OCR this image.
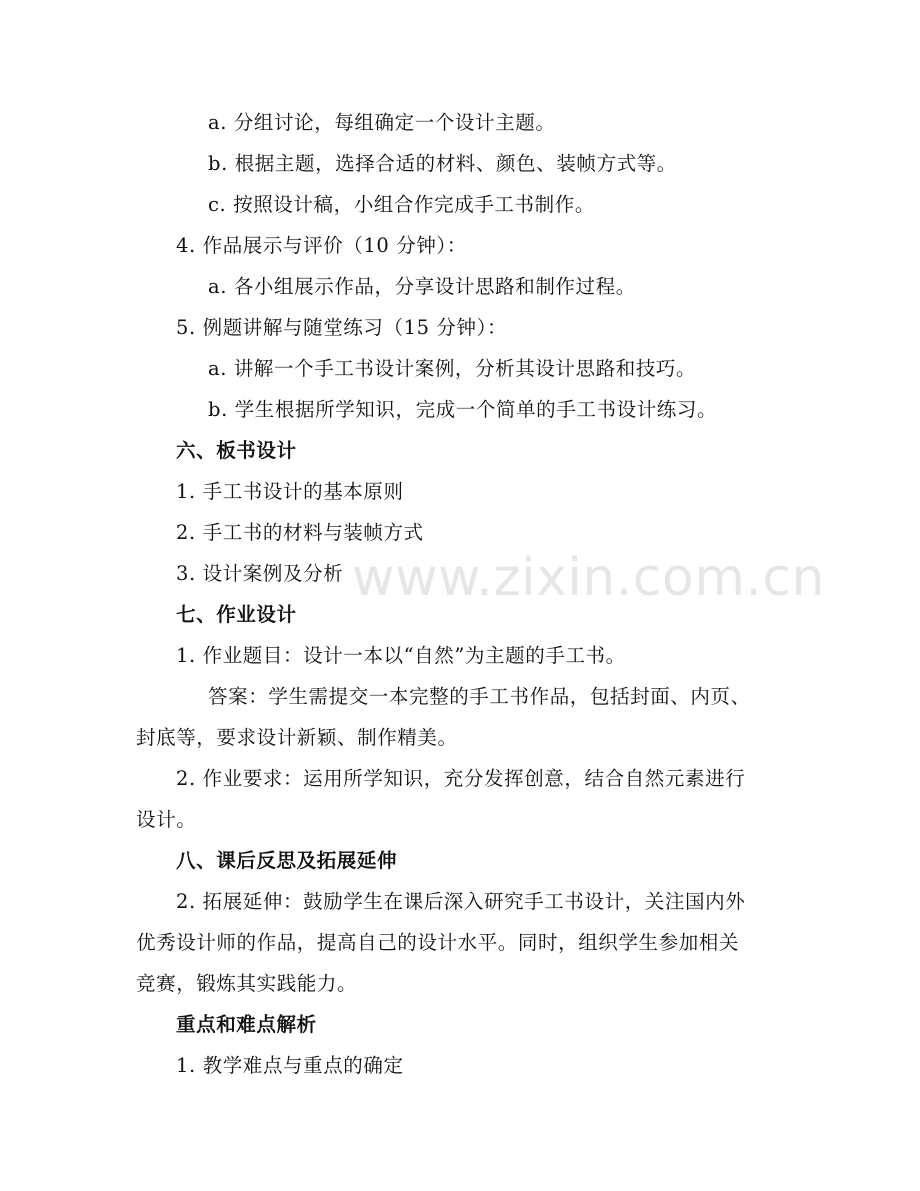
www.zixin.com.cn
a. 分组讨论，每组确定一个设计主题。
b. 根据主题，选择合适的材料、颜色、装帧方式等。
c. 按照设计稿，小组合作完成手工书制作。
4. 作品展示与评价（10 分钟）：
a. 各小组展示作品，分享设计思路和制作过程。
5. 例题讲解与随堂练习（15 分钟）：
a. 讲解一个手工书设计案例，分析其设计思路和技巧。
b. 学生根据所学知识，完成一个简单的手工书设计练习。
六、板书设计
1. 手工书设计的基本原则
2. 手工书的材料与装帧方式
3. 设计案例及分析
七、作业设计
1. 作业题目：设计一本以“自然”为主题的手工书。
答案：学生需提交一本完整的手工书作品，包括封面、内页、
封底等，要求设计新颖、制作精美。
2. 作业要求：运用所学知识，充分发挥创意，结合自然元素进行
设计。
八、课后反思及拓展延伸
2. 拓展延伸：鼓励学生在课后深入研究手工书设计，关注国内外
优秀设计师的作品，提高自己的设计水平。同时，组织学生参加相关
竞赛，锻炼其实践能力。
重点和难点解析
1. 教学难点与重点的确定
